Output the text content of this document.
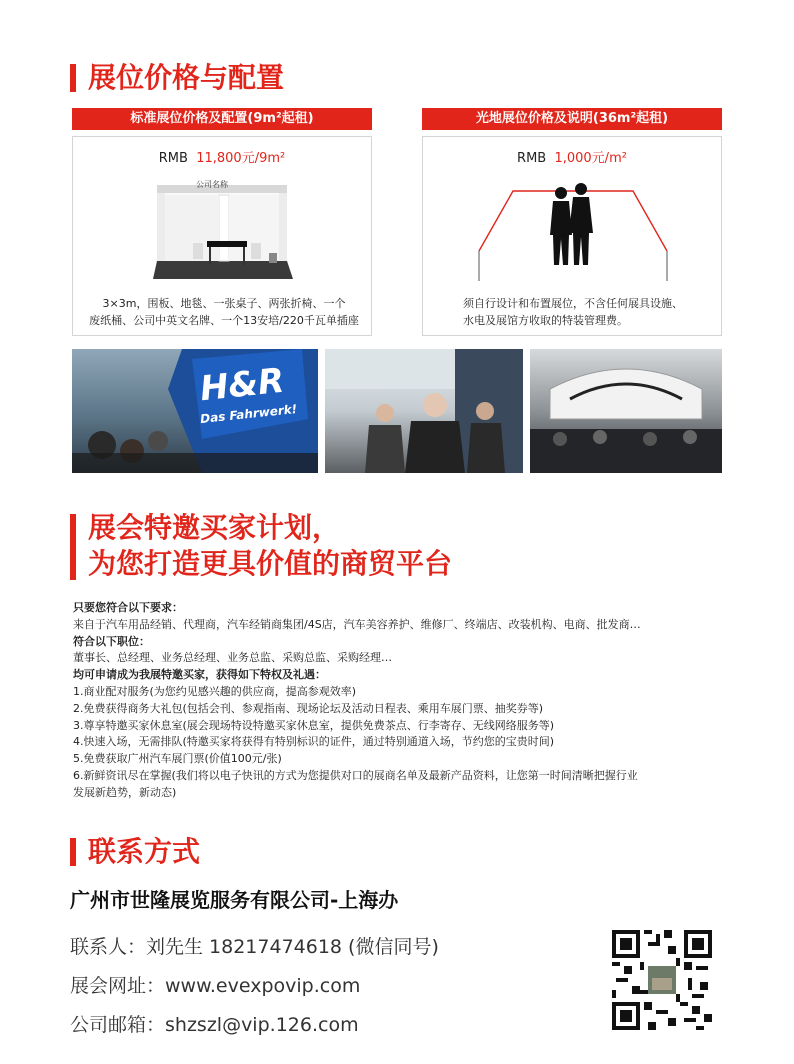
展位价格与配置
标准展位价格及配置(9m²起租)
RMB 11,800元/9m²
公司名称
3×3m，围板、地毯、一张桌子、两张折椅、一个
废纸桶、公司中英文名牌、一个13安培/220千瓦单插座
光地展位价格及说明(36m²起租)
RMB 1,000元/m²
须自行设计和布置展位，不含任何展具设施、
水电及展馆方收取的特装管理费。
H&R
Das Fahrwerk!
展会特邀买家计划，
为您打造更具价值的商贸平台
只要您符合以下要求：
来自于汽车用品经销、代理商，汽车经销商集团/4S店，汽车美容养护、维修厂、终端店、改装机构、电商、批发商…
符合以下职位：
董事长、总经理、业务总经理、业务总监、采购总监、采购经理…
均可申请成为我展特邀买家，获得如下特权及礼遇：
1.商业配对服务(为您约见感兴趣的供应商，提高参观效率)
2.免费获得商务大礼包(包括会刊、参观指南、现场论坛及活动日程表、乘用车展门票、抽奖券等)
3.尊享特邀买家休息室(展会现场特设特邀买家休息室，提供免费茶点、行李寄存、无线网络服务等)
4.快速入场，无需排队(特邀买家将获得有特别标识的证件，通过特别通道入场，节约您的宝贵时间)
5.免费获取广州汽车展门票(价值100元/张)
6.新鲜资讯尽在掌握(我们将以电子快讯的方式为您提供对口的展商名单及最新产品资料，让您第一时间清晰把握行业
发展新趋势，新动态)
联系方式
广州市世隆展览服务有限公司-上海办
联系人：刘先生 18217474618 (微信同号)
展会网址：www.evexpovip.com
公司邮箱：shzszl@vip.126.com
